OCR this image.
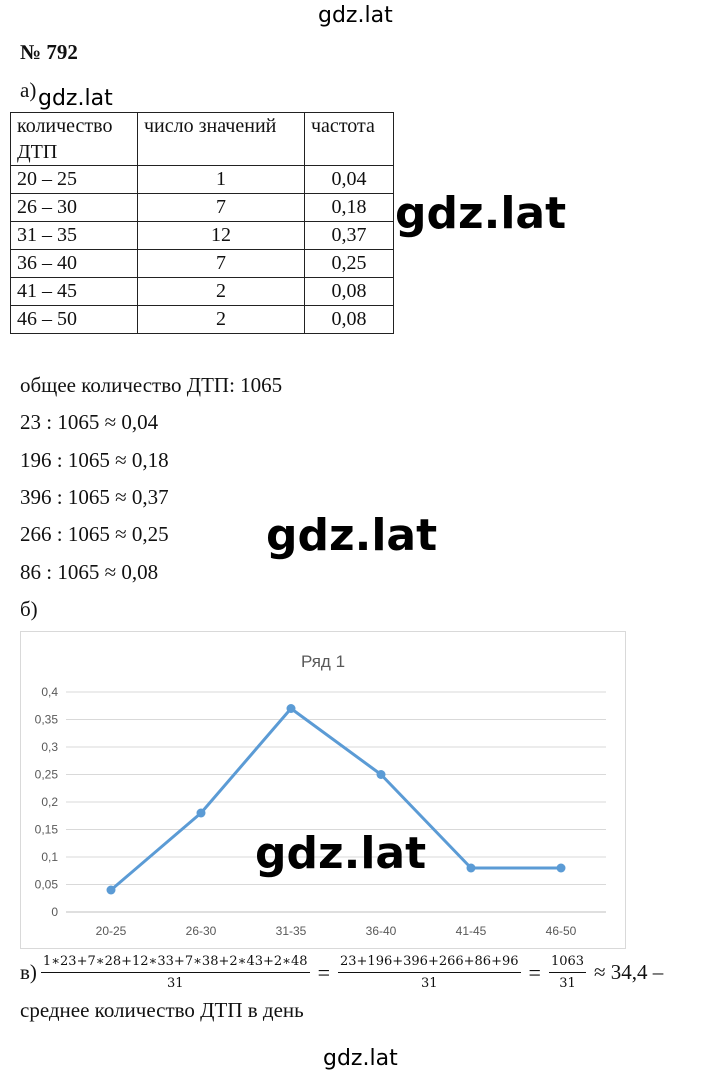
gdz.lat
gdz.lat
gdz.lat
gdz.lat
gdz.lat
№ 792
а)
количество ДТП	число значений	частота
20 – 25	1	0,04
26 – 30	7	0,18
31 – 35	12	0,37
36 – 40	7	0,25
41 – 45	2	0,08
46 – 50	2	0,08
общее количество ДТП: 1065
23 : 1065 ≈ 0,04
196 : 1065 ≈ 0,18
396 : 1065 ≈ 0,37
266 : 1065 ≈ 0,25
86 : 1065 ≈ 0,08
б)
Ряд 1
0
0,05
0,1
0,15
0,2
0,25
0,3
0,35
0,4
20-25	26-30	31-35	36-40	41-45	46-50
gdz.lat
$в) \frac{1∗23+7∗28+12∗33+7∗38+2∗43+2∗48}{31} = \frac{23+196+396+266+86+96}{31} = \frac{1063}{31} \approx 34,4$ –
среднее количество ДТП в день
